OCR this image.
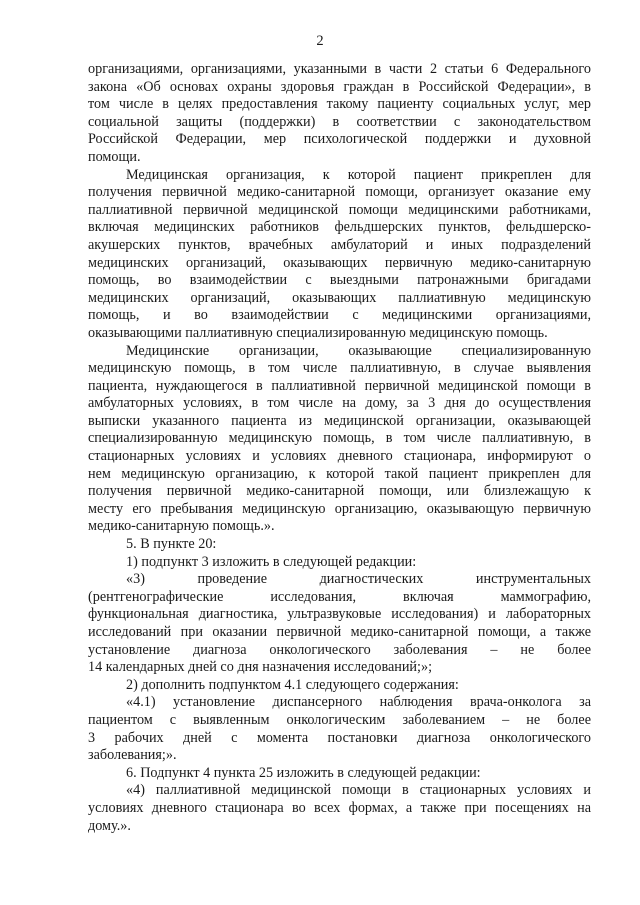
2
организациями, организациями, указанными в части 2 статьи 6 Федерального
закона «Об основах охраны здоровья граждан в Российской Федерации», в
том числе в целях предоставления такому пациенту социальных услуг, мер
социальной защиты (поддержки) в соответствии с законодательством
Российской Федерации, мер психологической поддержки и духовной
помощи.
Медицинская организация, к которой пациент прикреплен для
получения первичной медико-санитарной помощи, организует оказание ему
паллиативной первичной медицинской помощи медицинскими работниками,
включая медицинских работников фельдшерских пунктов, фельдшерско-
акушерских пунктов, врачебных амбулаторий и иных подразделений
медицинских организаций, оказывающих первичную медико-санитарную
помощь, во взаимодействии с выездными патронажными бригадами
медицинских организаций, оказывающих паллиативную медицинскую
помощь, и во взаимодействии с медицинскими организациями,
оказывающими паллиативную специализированную медицинскую помощь.
Медицинские организации, оказывающие специализированную
медицинскую помощь, в том числе паллиативную, в случае выявления
пациента, нуждающегося в паллиативной первичной медицинской помощи в
амбулаторных условиях, в том числе на дому, за 3 дня до осуществления
выписки указанного пациента из медицинской организации, оказывающей
специализированную медицинскую помощь, в том числе паллиативную, в
стационарных условиях и условиях дневного стационара, информируют о
нем медицинскую организацию, к которой такой пациент прикреплен для
получения первичной медико-санитарной помощи, или близлежащую к
месту его пребывания медицинскую организацию, оказывающую первичную
медико-санитарную помощь.».
5. В пункте 20:
1) подпункт 3 изложить в следующей редакции:
«3) проведение диагностических инструментальных
(рентгенографические исследования, включая маммографию,
функциональная диагностика, ультразвуковые исследования) и лабораторных
исследований при оказании первичной медико-санитарной помощи, а также
установление диагноза онкологического заболевания – не более
14 календарных дней со дня назначения исследований;»;
2) дополнить подпунктом 4.1 следующего содержания:
«4.1) установление диспансерного наблюдения врача-онколога за
пациентом с выявленным онкологическим заболеванием – не более
3 рабочих дней с момента постановки диагноза онкологического
заболевания;».
6. Подпункт 4 пункта 25 изложить в следующей редакции:
«4) паллиативной медицинской помощи в стационарных условиях и
условиях дневного стационара во всех формах, а также при посещениях на
дому.».
